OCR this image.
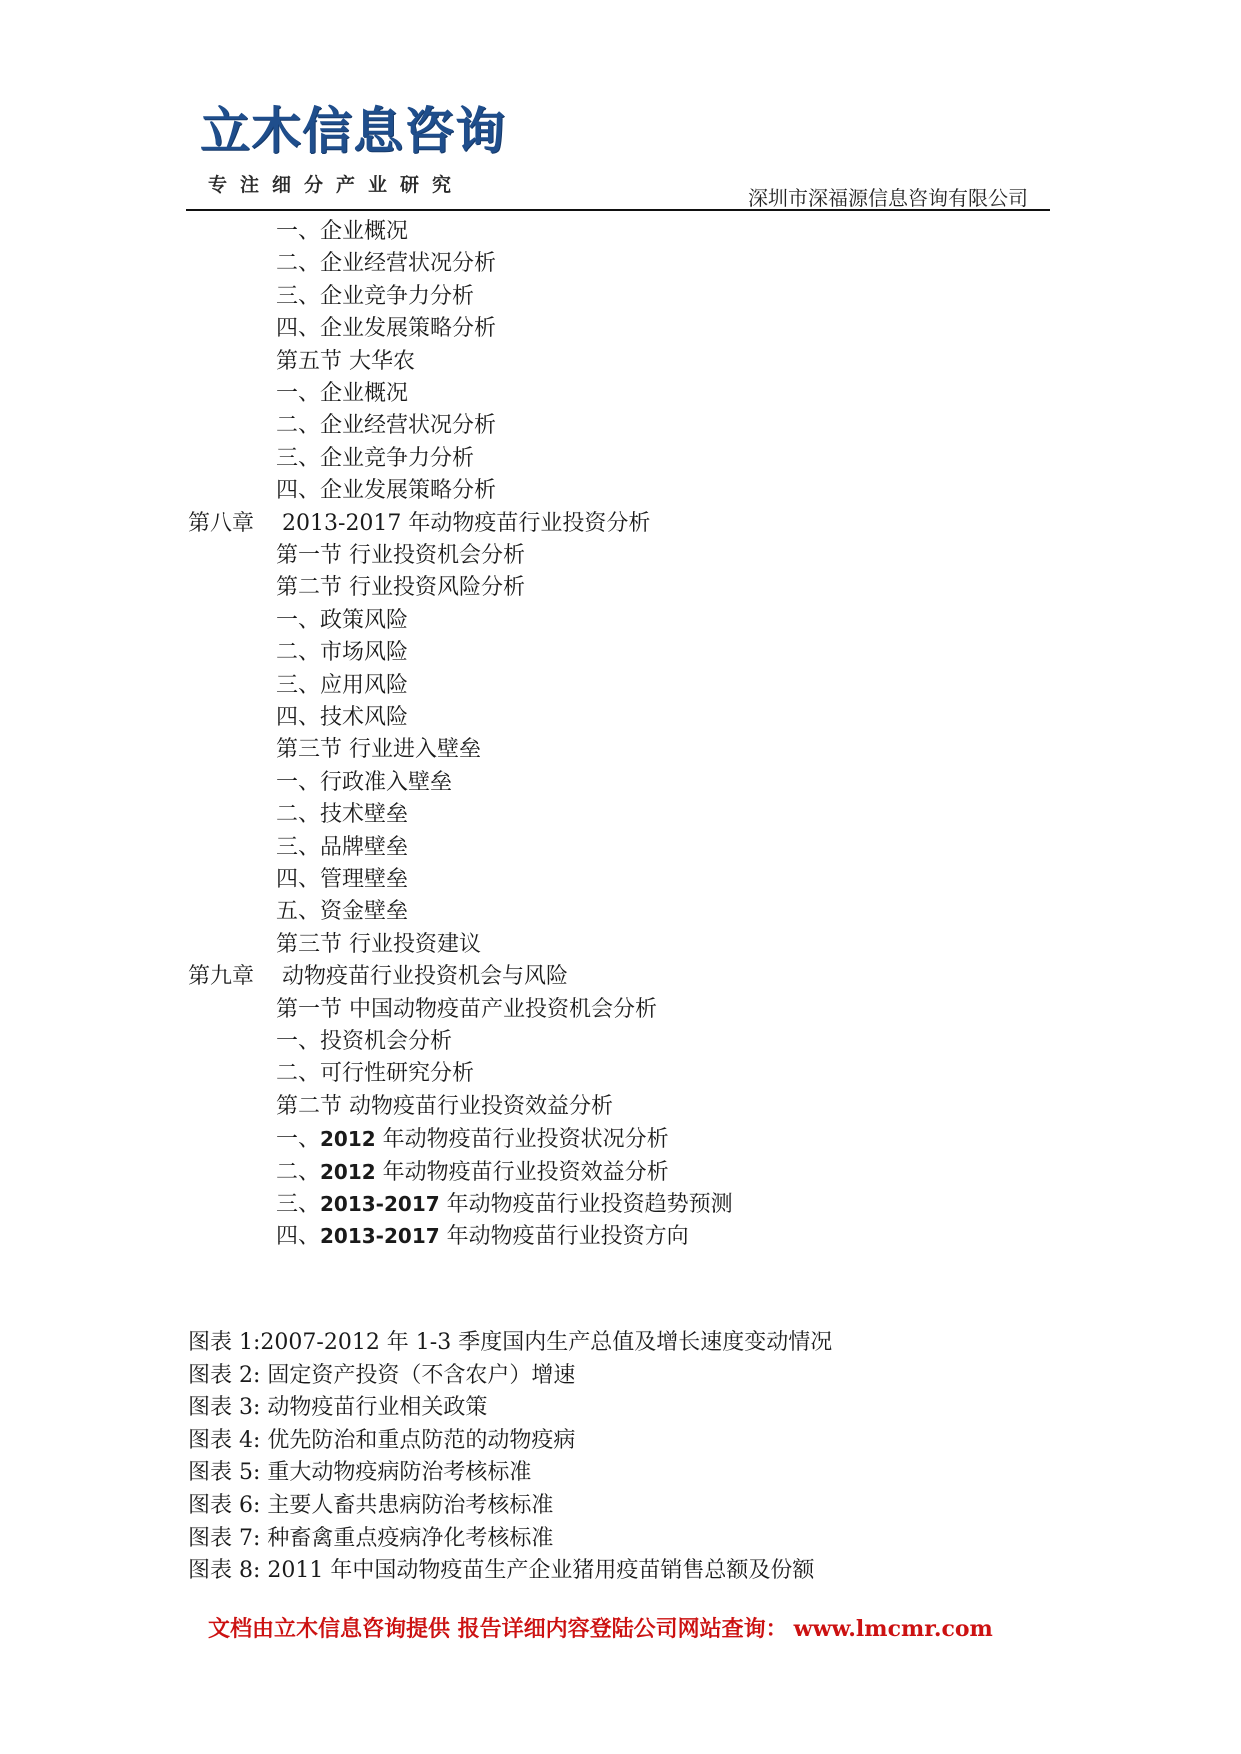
立木信息咨询
专注细分产业研究
深圳市深福源信息咨询有限公司
一、企业概况
二、企业经营状况分析
三、企业竞争力分析
四、企业发展策略分析
第五节 大华农
一、企业概况
二、企业经营状况分析
三、企业竞争力分析
四、企业发展策略分析
第八章 2013-2017 年动物疫苗行业投资分析
第一节 行业投资机会分析
第二节 行业投资风险分析
一、政策风险
二、市场风险
三、应用风险
四、技术风险
第三节 行业进入壁垒
一、行政准入壁垒
二、技术壁垒
三、品牌壁垒
四、管理壁垒
五、资金壁垒
第三节 行业投资建议
第九章 动物疫苗行业投资机会与风险
第一节 中国动物疫苗产业投资机会分析
一、投资机会分析
二、可行性研究分析
第二节 动物疫苗行业投资效益分析
一、2012 年动物疫苗行业投资状况分析
二、2012 年动物疫苗行业投资效益分析
三、2013-2017 年动物疫苗行业投资趋势预测
四、2013-2017 年动物疫苗行业投资方向
图表 1:2007-2012 年 1-3 季度国内生产总值及增长速度变动情况
图表 2: 固定资产投资（不含农户）增速
图表 3: 动物疫苗行业相关政策
图表 4: 优先防治和重点防范的动物疫病
图表 5: 重大动物疫病防治考核标准
图表 6: 主要人畜共患病防治考核标准
图表 7: 种畜禽重点疫病净化考核标准
图表 8: 2011 年中国动物疫苗生产企业猪用疫苗销售总额及份额
文档由立木信息咨询提供 报告详细内容登陆公司网站查询： www.lmcmr.com
